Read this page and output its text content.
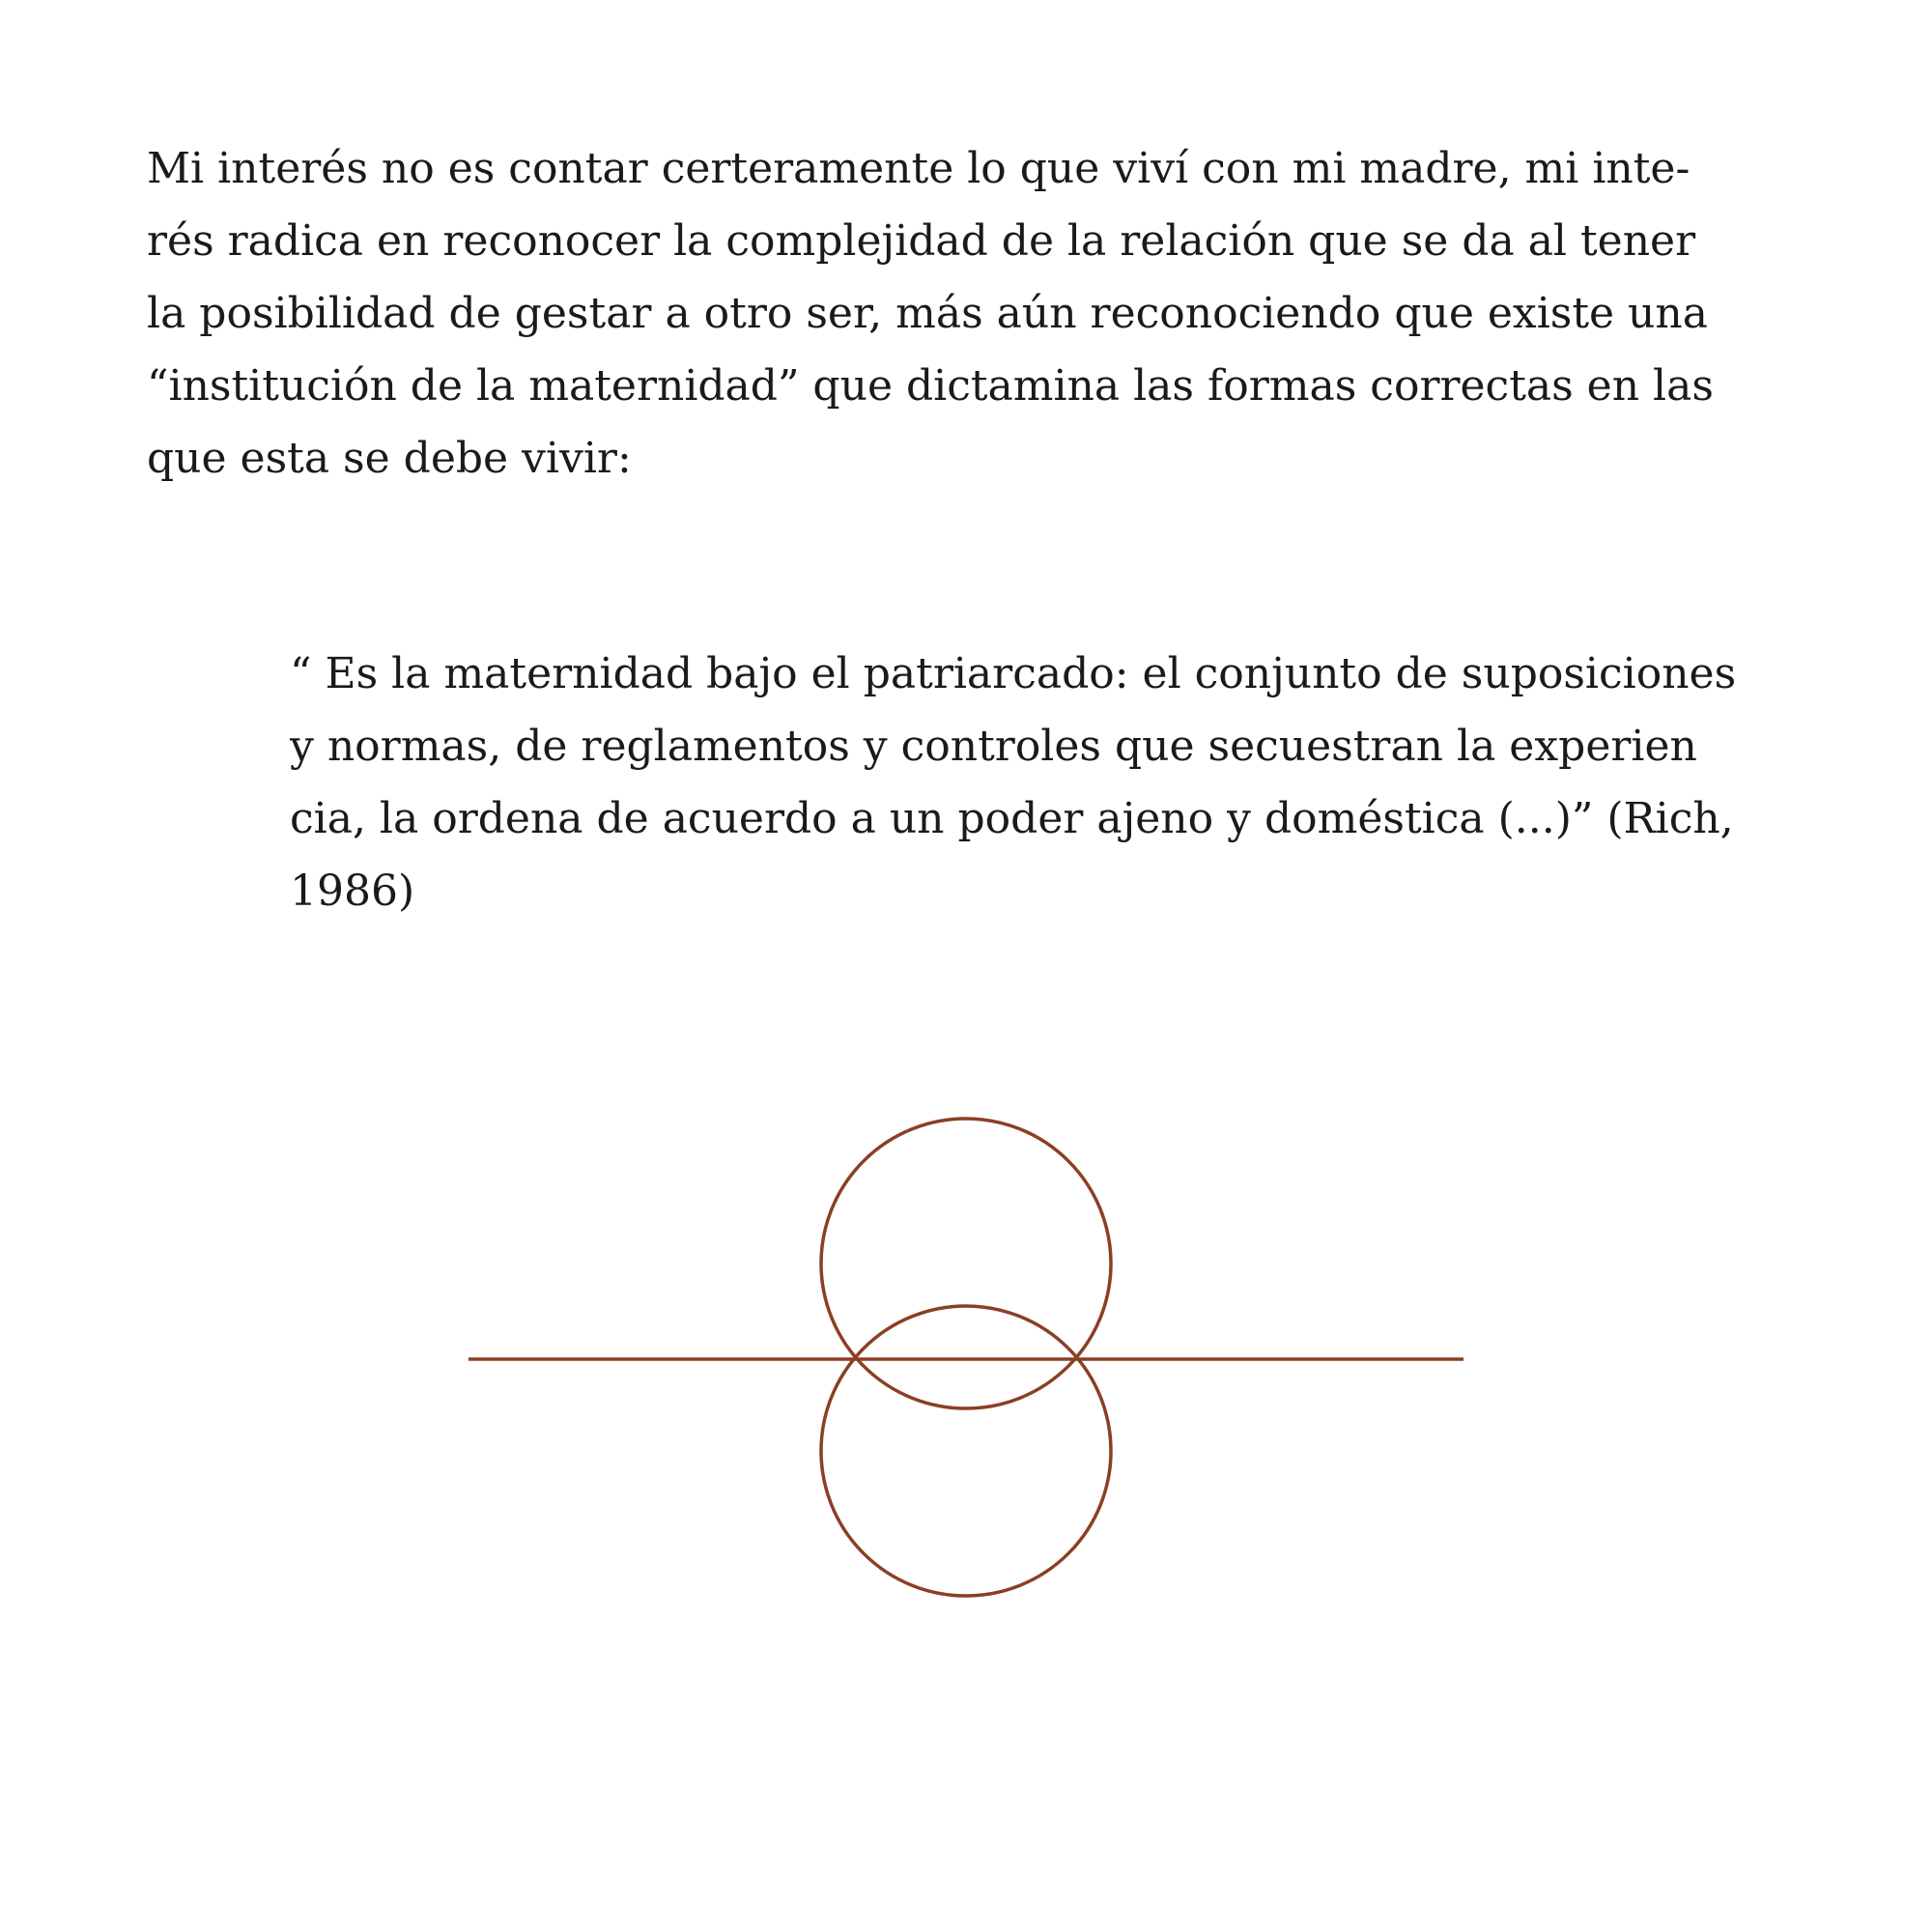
Mi interés no es contar certeramente lo que viví con mi madre, mi inte-
rés radica en reconocer la complejidad de la relación que se da al tener
la posibilidad de gestar a otro ser, más aún reconociendo que existe una
“institución de la maternidad” que dictamina las formas correctas en las
que esta se debe vivir:
“ Es la maternidad bajo el patriarcado: el conjunto de suposiciones
y normas, de reglamentos y controles que secuestran la experien
cia, la ordena de acuerdo a un poder ajeno y doméstica (...)” (Rich,
1986)
